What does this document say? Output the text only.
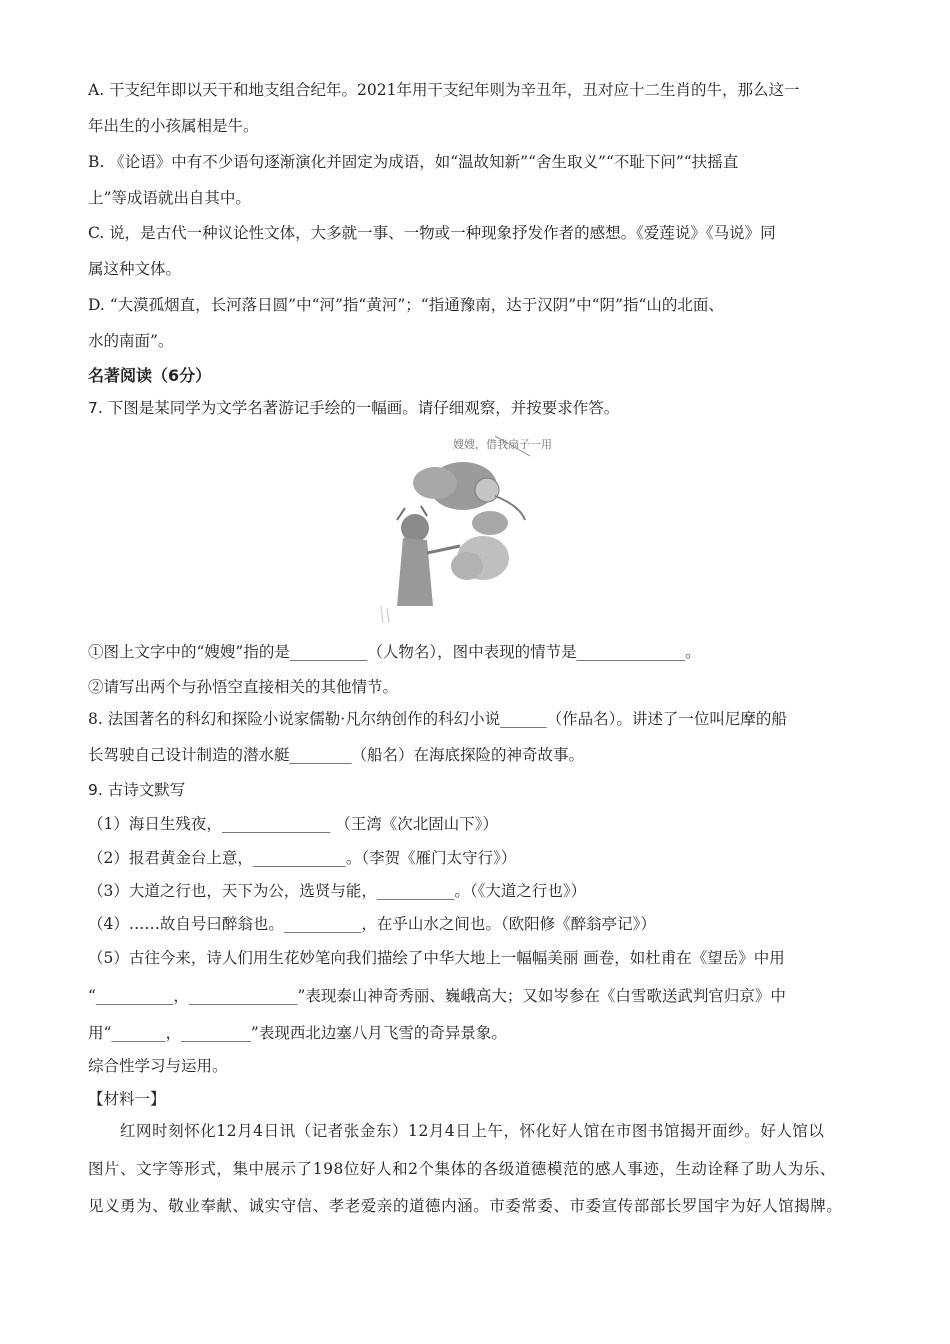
A. 干支纪年即以天干和地支组合纪年。2021年用干支纪年则为辛丑年，丑对应十二生肖的牛，那么这一
年出生的小孩属相是牛。
B. 《论语》中有不少语句逐渐演化并固定为成语，如“温故知新”“舍生取义”“不耻下问”“扶摇直
上”等成语就出自其中。
C. 说，是古代一种议论性文体，大多就一事、一物或一种现象抒发作者的感想。《爱莲说》《马说》同
属这种文体。
D. “大漠孤烟直，长河落日圆”中“河”指“黄河”；“指通豫南，达于汉阴”中“阴”指“山的北面、
水的南面”。
名著阅读（6分）
7. 下图是某同学为文学名著游记手绘的一幅画。请仔细观察，并按要求作答。
嫂嫂，借我扇子一用
①图上文字中的“嫂嫂”指的是__________（人物名），图中表现的情节是______________。
②请写出两个与孙悟空直接相关的其他情节。
8. 法国著名的科幻和探险小说家儒勒·凡尔纳创作的科幻小说______（作品名）。讲述了一位叫尼摩的船
长驾驶自己设计制造的潜水艇________（船名）在海底探险的神奇故事。
9. 古诗文默写
（1）海日生残夜，______________ （王湾《次北固山下》）
（2）报君黄金台上意，____________。（李贺《雁门太守行》）
（3）大道之行也，天下为公，选贤与能，__________。（《大道之行也》）
（4）……故自号曰醉翁也。__________，在乎山水之间也。（欧阳修《醉翁亭记》）
（5）古往今来，诗人们用生花妙笔向我们描绘了中华大地上一幅幅美丽 画卷，如杜甫在《望岳》中用
“__________，______________”表现泰山神奇秀丽、巍峨高大；又如岑参在《白雪歌送武判官归京》中
用“_______，_________”表现西北边塞八月飞雪的奇异景象。
综合性学习与运用。
【材料一】
红网时刻怀化12月4日讯（记者张金东）12月4日上午，怀化好人馆在市图书馆揭开面纱。好人馆以
图片、文字等形式，集中展示了198位好人和2个集体的各级道德模范的感人事迹，生动诠释了助人为乐、
见义勇为、敬业奉献、诚实守信、孝老爱亲的道德内涵。市委常委、市委宣传部部长罗国宇为好人馆揭牌。
